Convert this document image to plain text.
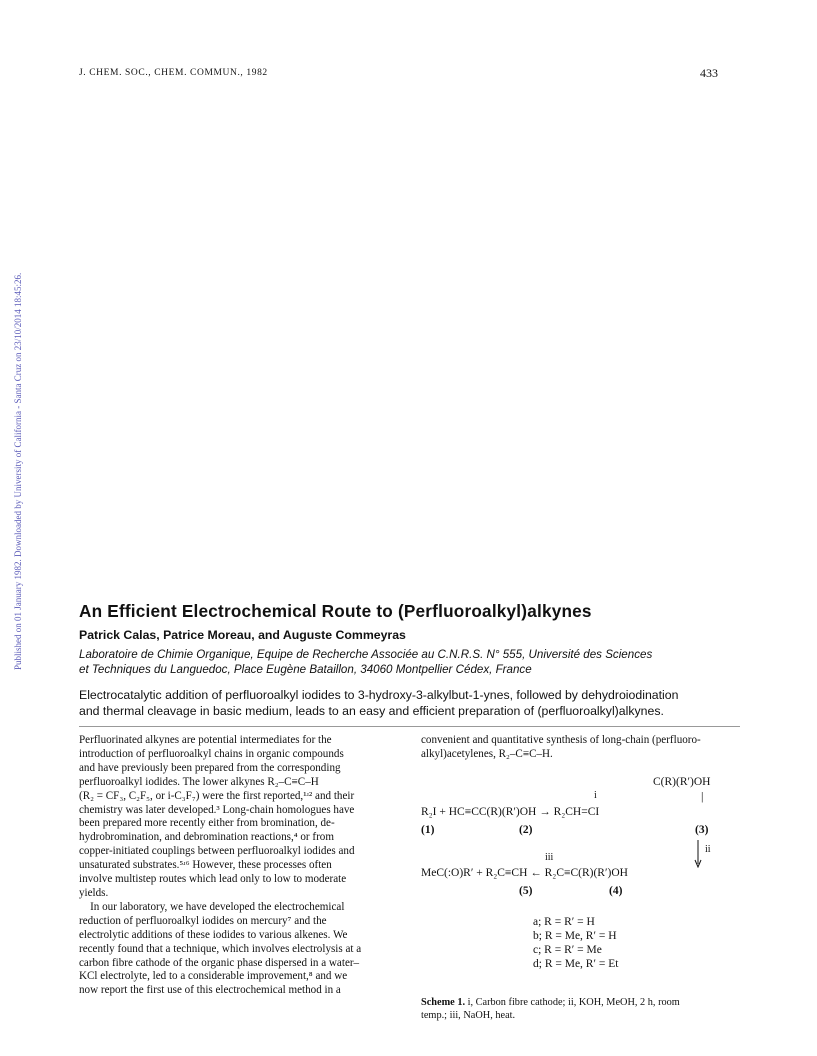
Published on 01 January 1982. Downloaded by University of California - Santa Cruz on 23/10/2014 18:45:26.
J. CHEM. SOC., CHEM. COMMUN., 1982	433
An Efficient Electrochemical Route to (Perfluoroalkyl)alkynes
Patrick Calas, Patrice Moreau, and Auguste Commeyras
Laboratoire de Chimie Organique, Equipe de Recherche Associée au C.N.R.S. N° 555, Université des Sciences
et Techniques du Languedoc, Place Eugène Bataillon, 34060 Montpellier Cédex, France
Electrocatalytic addition of perfluoroalkyl iodides to 3-hydroxy-3-alkylbut-1-ynes, followed by dehydroiodination
and thermal cleavage in basic medium, leads to an easy and efficient preparation of (perfluoroalkyl)alkynes.
Perfluorinated alkynes are potential intermediates for the
introduction of perfluoroalkyl chains in organic compounds
and have previously been prepared from the corresponding
perfluoroalkyl iodides. The lower alkynes R₂–C≡C–H
(R₂ = CF₃, C₂F₅, or i-C₃F₇) were the first reported,¹ʴ² and their
chemistry was later developed.³ Long-chain homologues have
been prepared more recently either from bromination, de-
hydrobromination, and debromination reactions,⁴ or from
copper-initiated couplings between perfluoroalkyl iodides and
unsaturated substrates.⁵ʴ⁶ However, these processes often
involve multistep routes which lead only to low to moderate
yields.
In our laboratory, we have developed the electrochemical
reduction of perfluoroalkyl iodides on mercury⁷ and the
electrolytic additions of these iodides to various alkenes. We
recently found that a technique, which involves electrolysis at a
carbon fibre cathode of the organic phase dispersed in a water–
KCl electrolyte, led to a considerable improvement,⁸ and we
now report the first use of this electrochemical method in a
convenient and quantitative synthesis of long-chain (perfluoro-
alkyl)acetylenes, R₂–C≡C–H.
C(R)(R′)OH
i	|
R₂I + HC≡CC(R)(R′)OH → R₂CH=CI
(1)	(2)	(3)
ii
iii
MeC(:O)R′ + R₂C≡CH ← R₂C≡C(R)(R′)OH
(5)	(4)
a; R = R′ = H
b; R = Me, R′ = H
c; R = R′ = Me
d; R = Me, R′ = Et
Scheme 1. i, Carbon fibre cathode; ii, KOH, MeOH, 2 h, room
temp.; iii, NaOH, heat.
